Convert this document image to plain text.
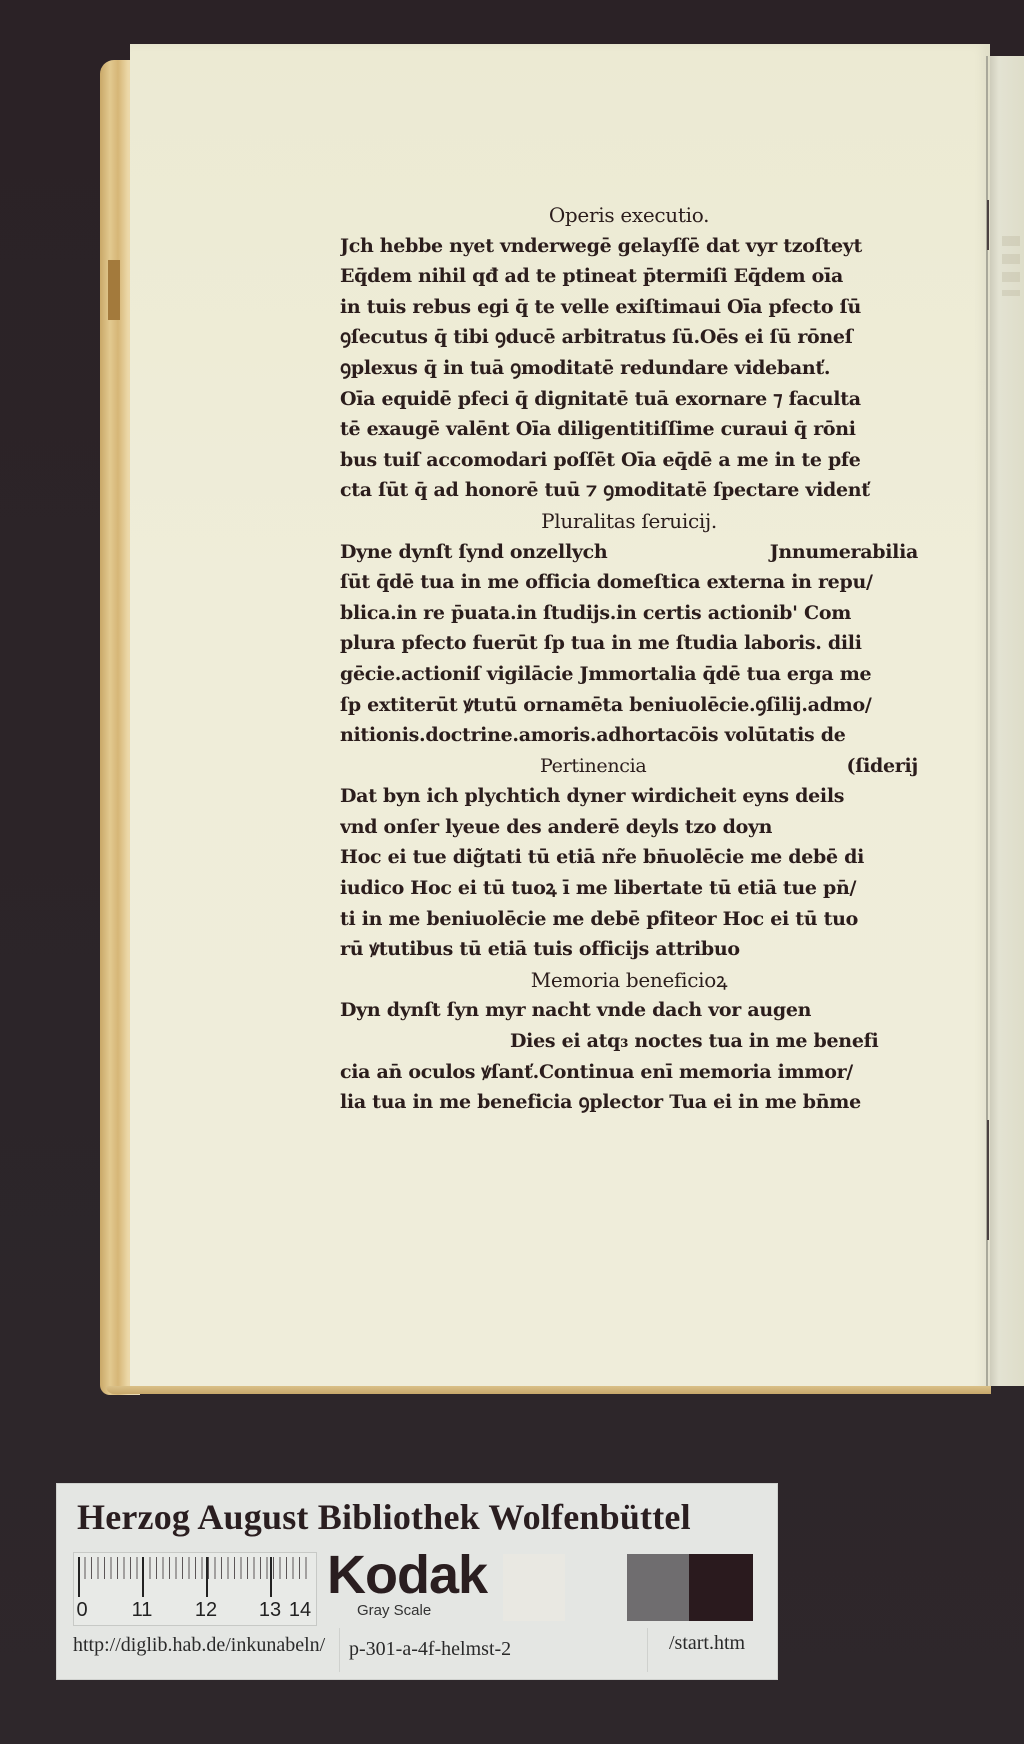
Operis executio.
Jch hebbe nyet vnderwegē gelayſſē dat vyr tzoſteyt
Eq̄dem nihil qđ ad te ptineat p̄termiſi Eq̄dem oīa
in tuis rebus egi q̄ te velle exiſtimaui Oīa pfecto ſū
ꝯſecutus q̄ tibi ꝯducē arbitratus ſū.Oēs ei ſū rōneſ
ꝯplexus q̄ in tuā ꝯmoditatē redundare videbanť.
Oīa equidē pfeci q̄ dignitatē tuā exornare ⁊ faculta
tē exaugē valēnt Oīa diligentitiſſime curaui q̄ rōni
bus tuiſ accomodari poſſēt Oīa eq̄dē a me in te pfe
cta ſūt q̄ ad honorē tuū ⁊ ꝯmoditatē ſpectare videnť
Pluralitas ſeruicij.
Dyne dynſt ſynd onzellych	Jnnumerabilia
ſūt q̄dē tua in me officia domeſtica externa in repu/
blica.in re p̄uata.in ſtudijs.in certis actionib' Com
plura pfecto fuerūt ſp tua in me ſtudia laboris. dili
gēcie.actioniſ vigilācie Jmmortalia q̄dē tua erga me
ſp extiterūt ꝟtutū ornamēta beniuolēcie.ꝯſilij.admo/
nitionis.doctrine.amoris.adhortacōis volūtatis de
Pertinencia	(ſiderij
Dat byn ich plychtich dyner wirdicheit eyns deils
vnd onſer lyeue des anderē deyls tzo doyn
Hoc ei tue dig̃tati tū etiā nr̃e bn̄uolēcie me debē di
iudico Hoc ei tū tuoꝝ ī me libertate tū etiā tue pn̄/
ti in me beniuolēcie me debē pfiteor Hoc ei tū tuo
rū ꝟtutibus tū etiā tuis officijs attribuo
Memoria beneficioꝝ
Dyn dynſt ſyn myr nacht vnde dach vor augen
Dies ei atq₃ noctes tua in me benefi
cia an̄ oculos ꝟſanť.Continua enī memoria immor/
lia tua in me beneficia ꝯplector Tua ei in me bn̄me
Herzog August Bibliothek Wolfenbüttel
0 11 12 13 14
Kodak
Gray Scale
http://diglib.hab.de/inkunabeln/ p-301-a-4f-helmst-2	/start.htm
